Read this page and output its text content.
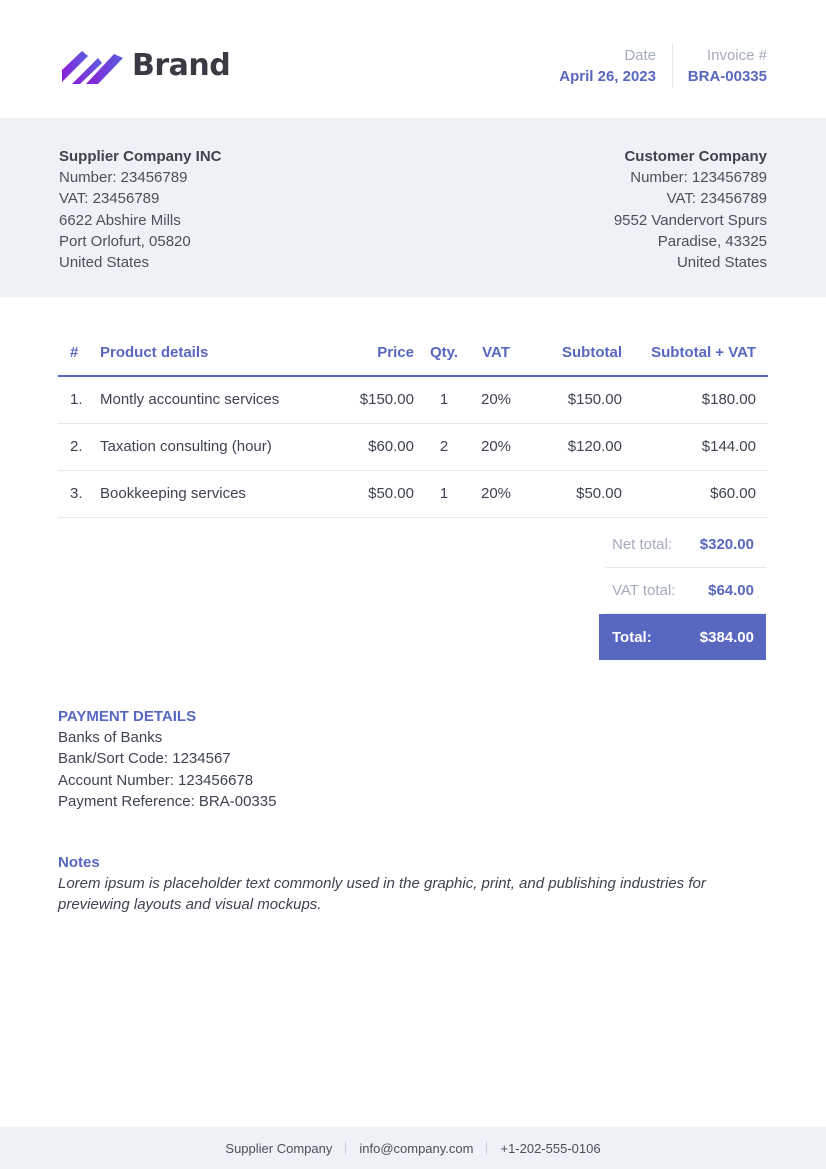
Brand	Date
April 26, 2023
Invoice #
BRA-00335
Supplier Company INC
Number: 23456789
VAT: 23456789
6622 Abshire Mills
Port Orlofurt, 05820
United States
Customer Company
Number: 123456789
VAT: 23456789
9552 Vandervort Spurs
Paradise, 43325
United States
#	Product details	Price	Qty.	VAT	Subtotal	Subtotal + VAT
1.	Montly accountinc services	$150.00	1	20%	$150.00	$180.00
2.	Taxation consulting (hour)	$60.00	2	20%	$120.00	$144.00
3.	Bookkeeping services	$50.00	1	20%	$50.00	$60.00
Net total:	$320.00
VAT total:	$64.00
Total:	$384.00
PAYMENT DETAILS
Banks of Banks
Bank/Sort Code: 1234567
Account Number: 123456678
Payment Reference: BRA-00335
Notes
Lorem ipsum is placeholder text commonly used in the graphic, print, and publishing industries for previewing layouts and visual mockups.
Supplier Company info@company.com +1-202-555-0106
